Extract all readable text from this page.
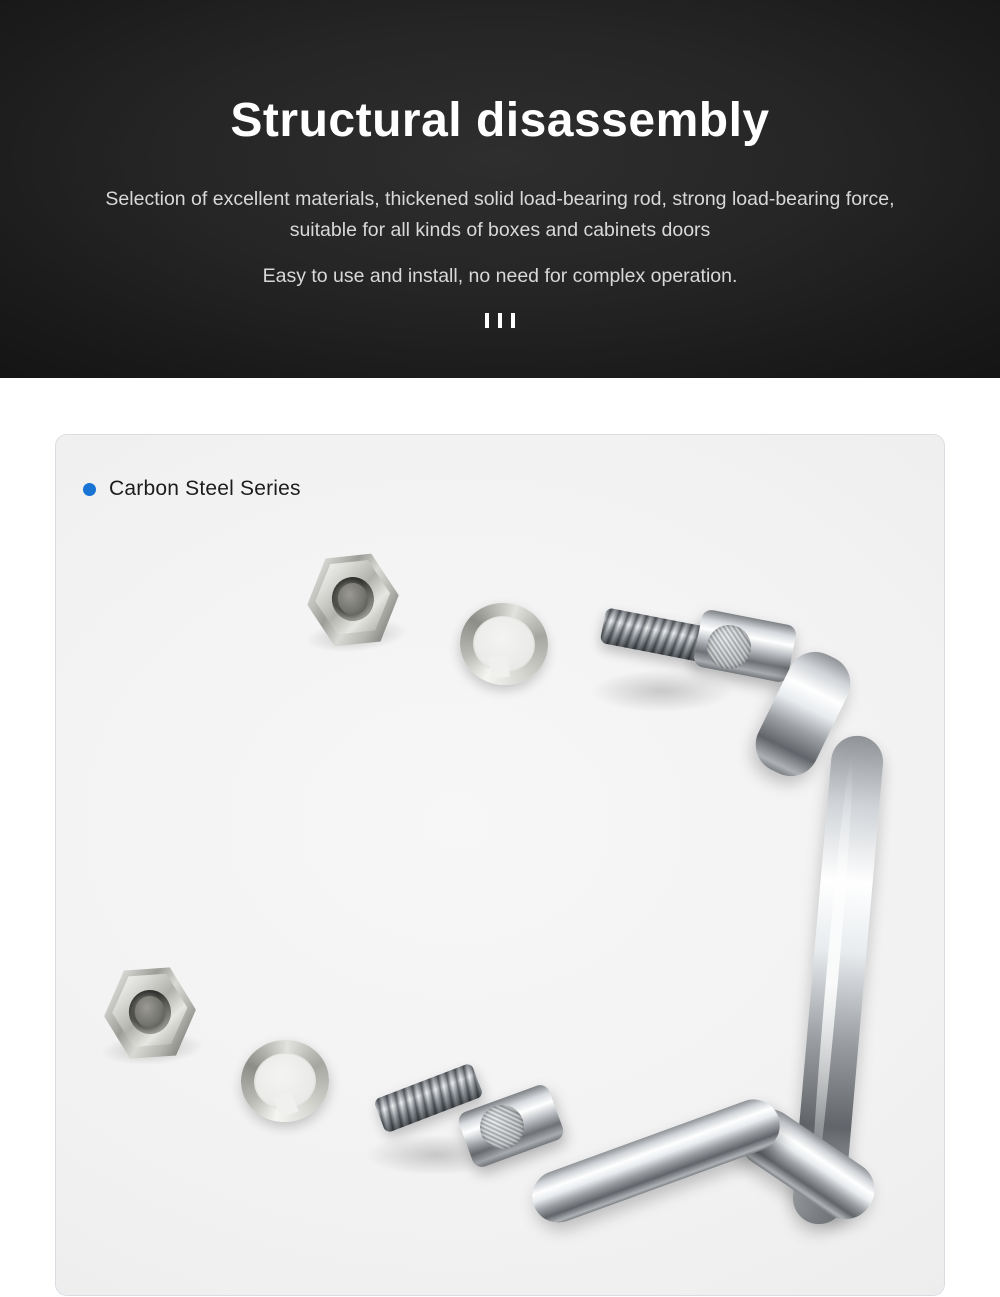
Structural disassembly

Selection of excellent materials, thickened solid load-bearing rod, strong load-bearing force, suitable for all kinds of boxes and cabinets doors

Easy to use and install, no need for complex operation.

Carbon Steel Series
